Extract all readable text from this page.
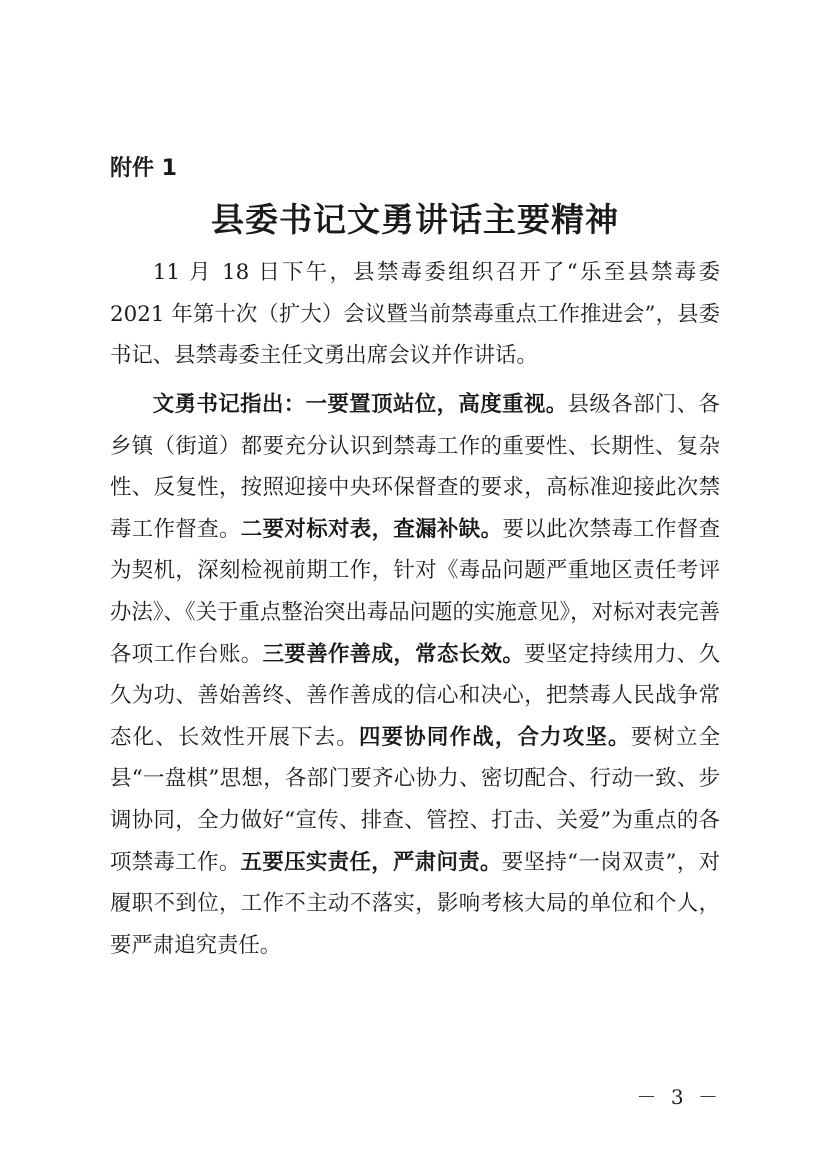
附件 1
县委书记文勇讲话主要精神

11 月 18 日下午，县禁毒委组织召开了“乐至县禁毒委 2021 年第十次（扩大）会议暨当前禁毒重点工作推进会”，县委书记、县禁毒委主任文勇出席会议并作讲话。

文勇书记指出：一要置顶站位，高度重视。县级各部门、各乡镇（街道）都要充分认识到禁毒工作的重要性、长期性、复杂性、反复性，按照迎接中央环保督查的要求，高标准迎接此次禁毒工作督查。二要对标对表，查漏补缺。要以此次禁毒工作督查为契机，深刻检视前期工作，针对《毒品问题严重地区责任考评办法》、《关于重点整治突出毒品问题的实施意见》，对标对表完善各项工作台账。三要善作善成，常态长效。要坚定持续用力、久久为功、善始善终、善作善成的信心和决心，把禁毒人民战争常态化、长效性开展下去。四要协同作战，合力攻坚。要树立全县“一盘棋”思想，各部门要齐心协力、密切配合、行动一致、步调协同，全力做好“宣传、排查、管控、打击、关爱”为重点的各项禁毒工作。五要压实责任，严肃问责。要坚持“一岗双责”，对履职不到位，工作不主动不落实，影响考核大局的单位和个人，要严肃追究责任。

－ 3 －
